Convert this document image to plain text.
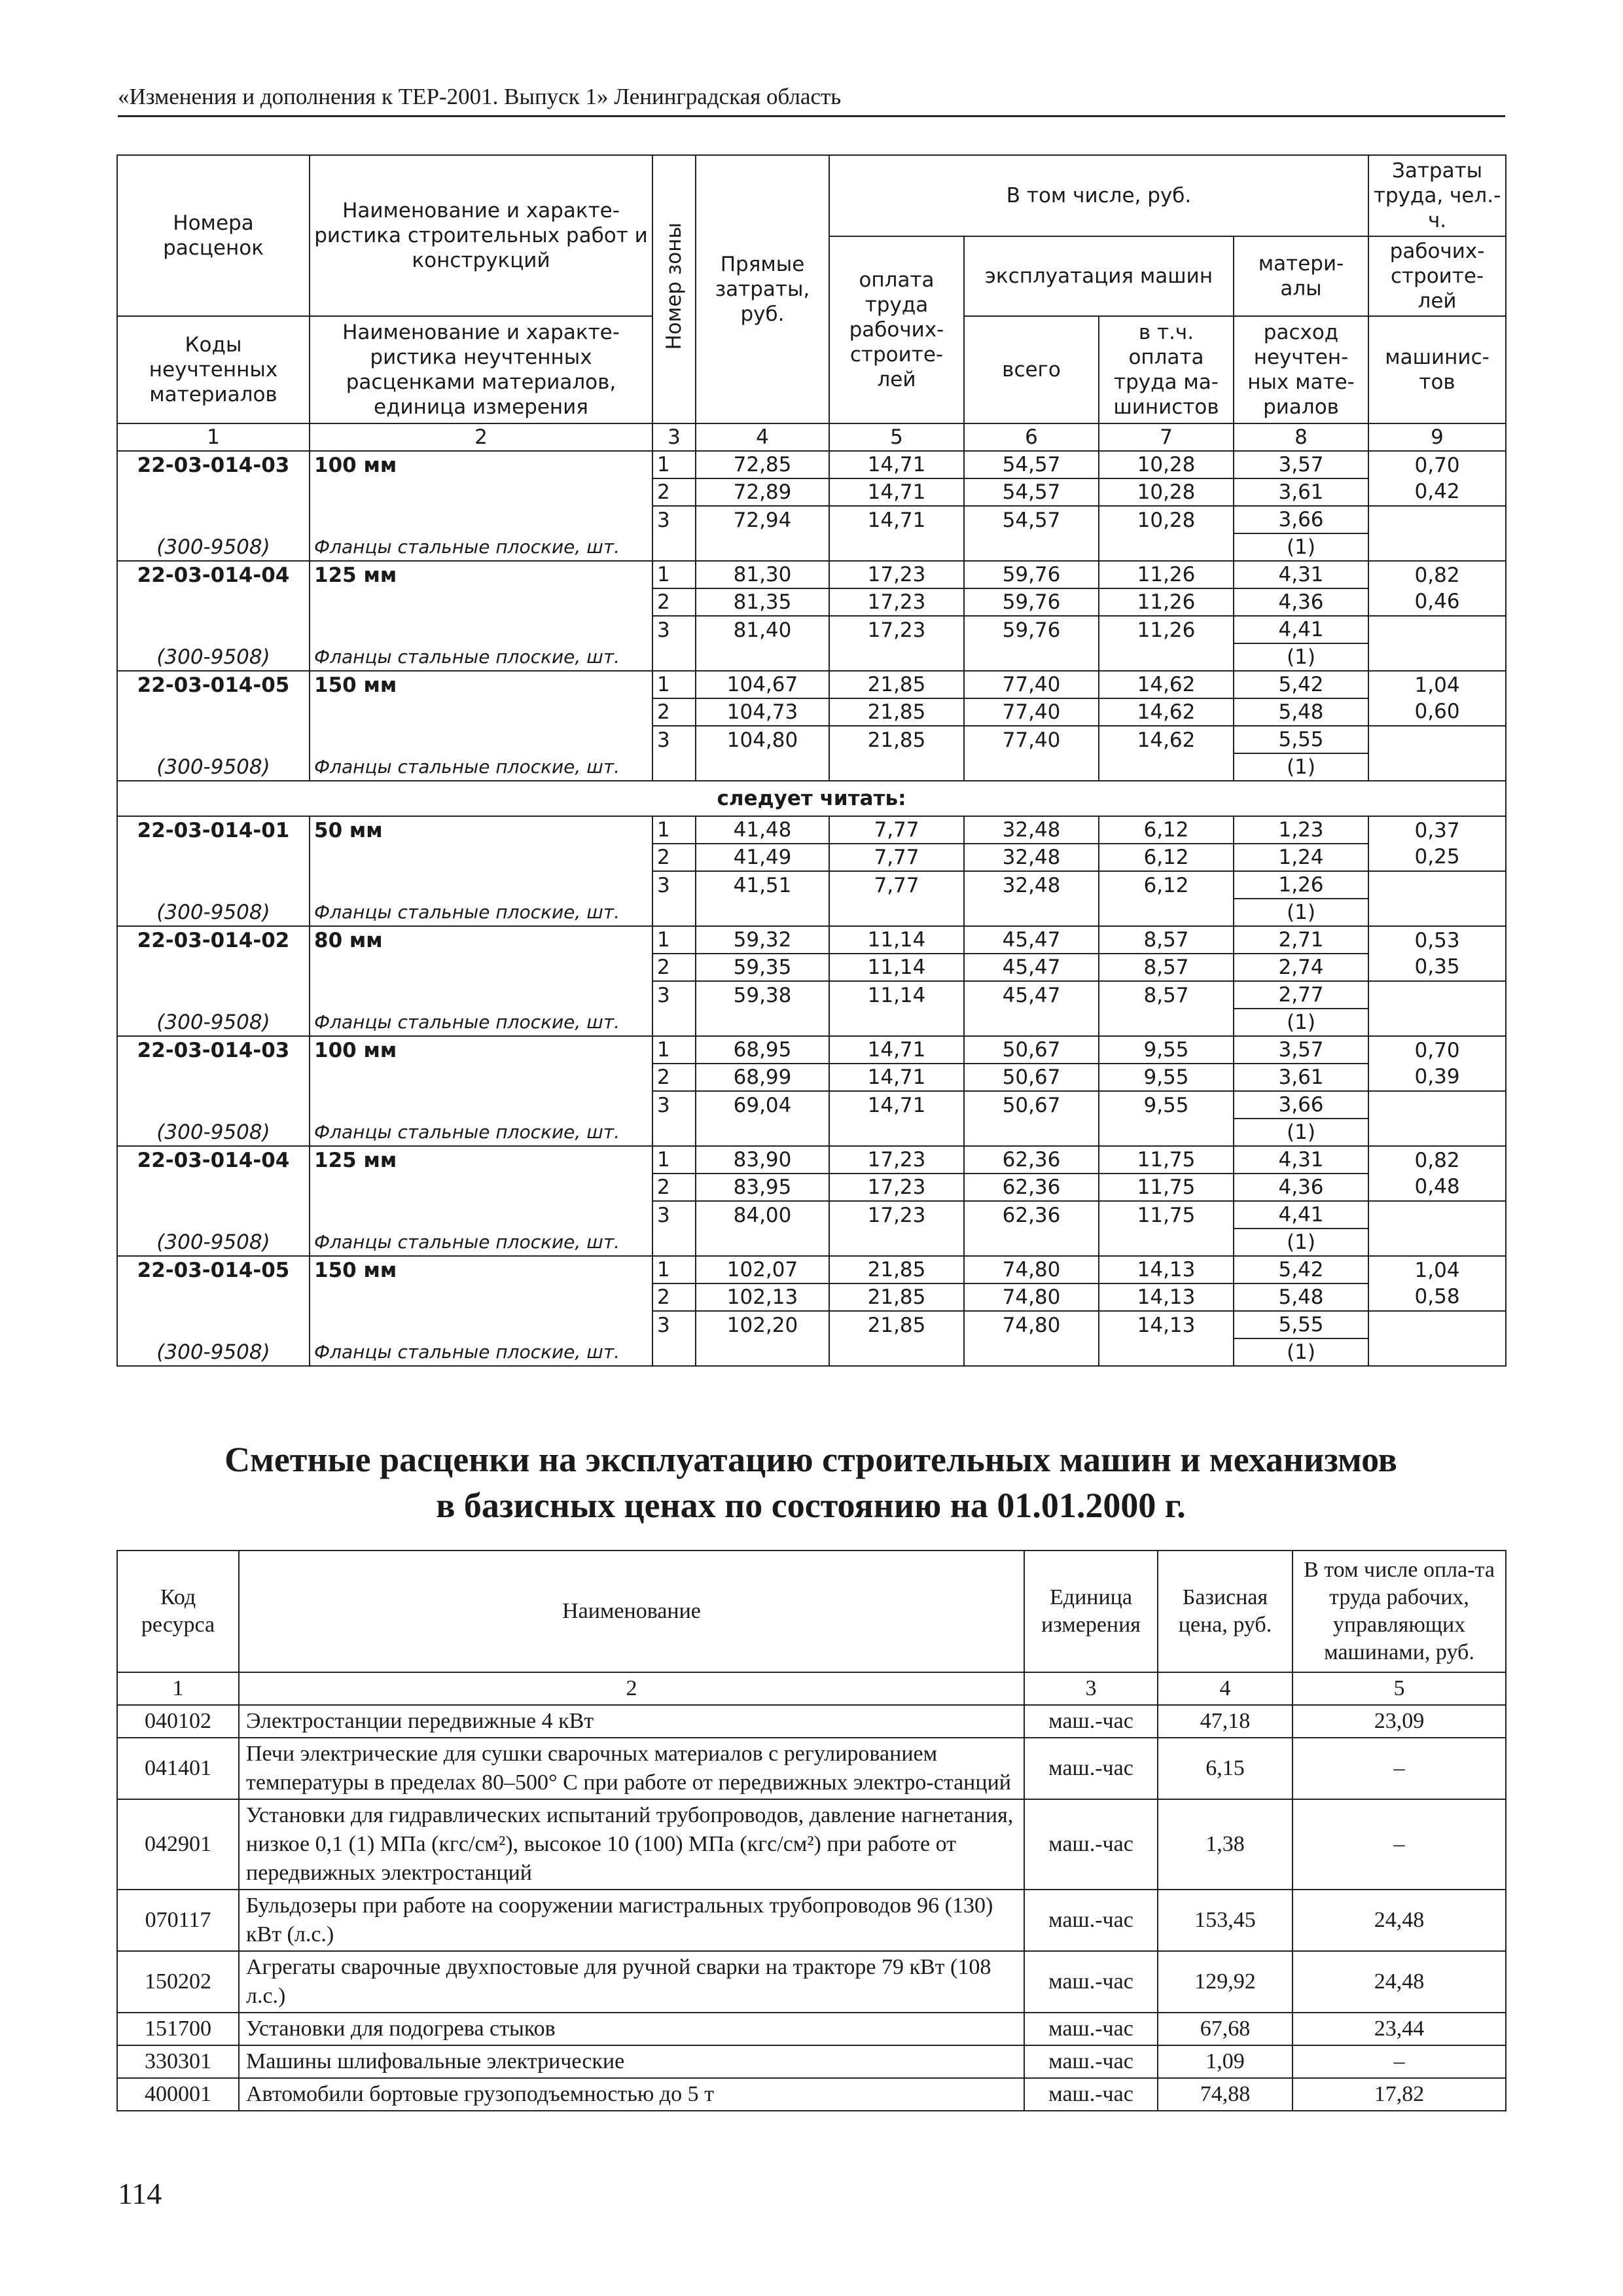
«Изменения и дополнения к ТЕР-2001. Выпуск 1» Ленинградская область
Номера расценок	Наименование и характе-ристика строительных работ и конструкций	Номер зоны	Прямые затраты, руб.	В том числе, руб.				Затраты труда, чел.-ч.
				оплата труда рабочих-строите-лей	эксплуатация машин		матери-алы	рабочих-строите-лей
Коды неучтенных материалов	Наименование и характе-ристика неучтенных расценками материалов, единица измерения				всего	в т.ч. оплата труда ма-шинистов	расход неучтен-ных мате-риалов	машинис-тов

1	2	3	4	5	6	7	8	9
22-03-014-03	100 мм	1	72,85	14,71	54,57	10,28	3,57	0,70
		2	72,89	14,71	54,57	10,28	3,61	0,42
		3	72,94	14,71	54,57	10,28	3,66	
(300-9508)	Фланцы стальные плоские, шт.						(1)	
22-03-014-04	125 мм	1	81,30	17,23	59,76	11,26	4,31	0,82
		2	81,35	17,23	59,76	11,26	4,36	0,46
		3	81,40	17,23	59,76	11,26	4,41	
(300-9508)	Фланцы стальные плоские, шт.						(1)	
22-03-014-05	150 мм	1	104,67	21,85	77,40	14,62	5,42	1,04
		2	104,73	21,85	77,40	14,62	5,48	0,60
		3	104,80	21,85	77,40	14,62	5,55	
(300-9508)	Фланцы стальные плоские, шт.						(1)	
следует читать:								
22-03-014-01	50 мм	1	41,48	7,77	32,48	6,12	1,23	0,37
		2	41,49	7,77	32,48	6,12	1,24	0,25
		3	41,51	7,77	32,48	6,12	1,26	
(300-9508)	Фланцы стальные плоские, шт.						(1)	
22-03-014-02	80 мм	1	59,32	11,14	45,47	8,57	2,71	0,53
		2	59,35	11,14	45,47	8,57	2,74	0,35
		3	59,38	11,14	45,47	8,57	2,77	
(300-9508)	Фланцы стальные плоские, шт.						(1)	
22-03-014-03	100 мм	1	68,95	14,71	50,67	9,55	3,57	0,70
		2	68,99	14,71	50,67	9,55	3,61	0,39
		3	69,04	14,71	50,67	9,55	3,66	
(300-9508)	Фланцы стальные плоские, шт.						(1)	
22-03-014-04	125 мм	1	83,90	17,23	62,36	11,75	4,31	0,82
		2	83,95	17,23	62,36	11,75	4,36	0,48
		3	84,00	17,23	62,36	11,75	4,41	
(300-9508)	Фланцы стальные плоские, шт.						(1)	
22-03-014-05	150 мм	1	102,07	21,85	74,80	14,13	5,42	1,04
		2	102,13	21,85	74,80	14,13	5,48	0,58
		3	102,20	21,85	74,80	14,13	5,55	
(300-9508)	Фланцы стальные плоские, шт.						(1)	
Сметные расценки на эксплуатацию строительных машин и механизмов
в базисных ценах по состоянию на 01.01.2000 г.
Код ресурса	Наименование	Единица измерения	Базисная цена, руб.	В том числе опла-та труда рабочих, управляющих машинами, руб.
1	2	3	4	5
040102	Электростанции передвижные 4 кВт	маш.-час	47,18	23,09
041401	Печи электрические для сушки сварочных материалов с регулированием температуры в пределах 80–500° С при работе от передвижных электро-станций	маш.-час	6,15	–
042901	Установки для гидравлических испытаний трубопроводов, давление нагнетания, низкое 0,1 (1) МПа (кгс/см²), высокое 10 (100) МПа (кгс/см²) при работе от передвижных электростанций	маш.-час	1,38	–
070117	Бульдозеры при работе на сооружении магистральных трубопроводов 96 (130) кВт (л.с.)	маш.-час	153,45	24,48
150202	Агрегаты сварочные двухпостовые для ручной сварки на тракторе 79 кВт (108 л.с.)	маш.-час	129,92	24,48
151700	Установки для подогрева стыков	маш.-час	67,68	23,44
330301	Машины шлифовальные электрические	маш.-час	1,09	–
400001	Автомобили бортовые грузоподъемностью до 5 т	маш.-час	74,88	17,82
114
